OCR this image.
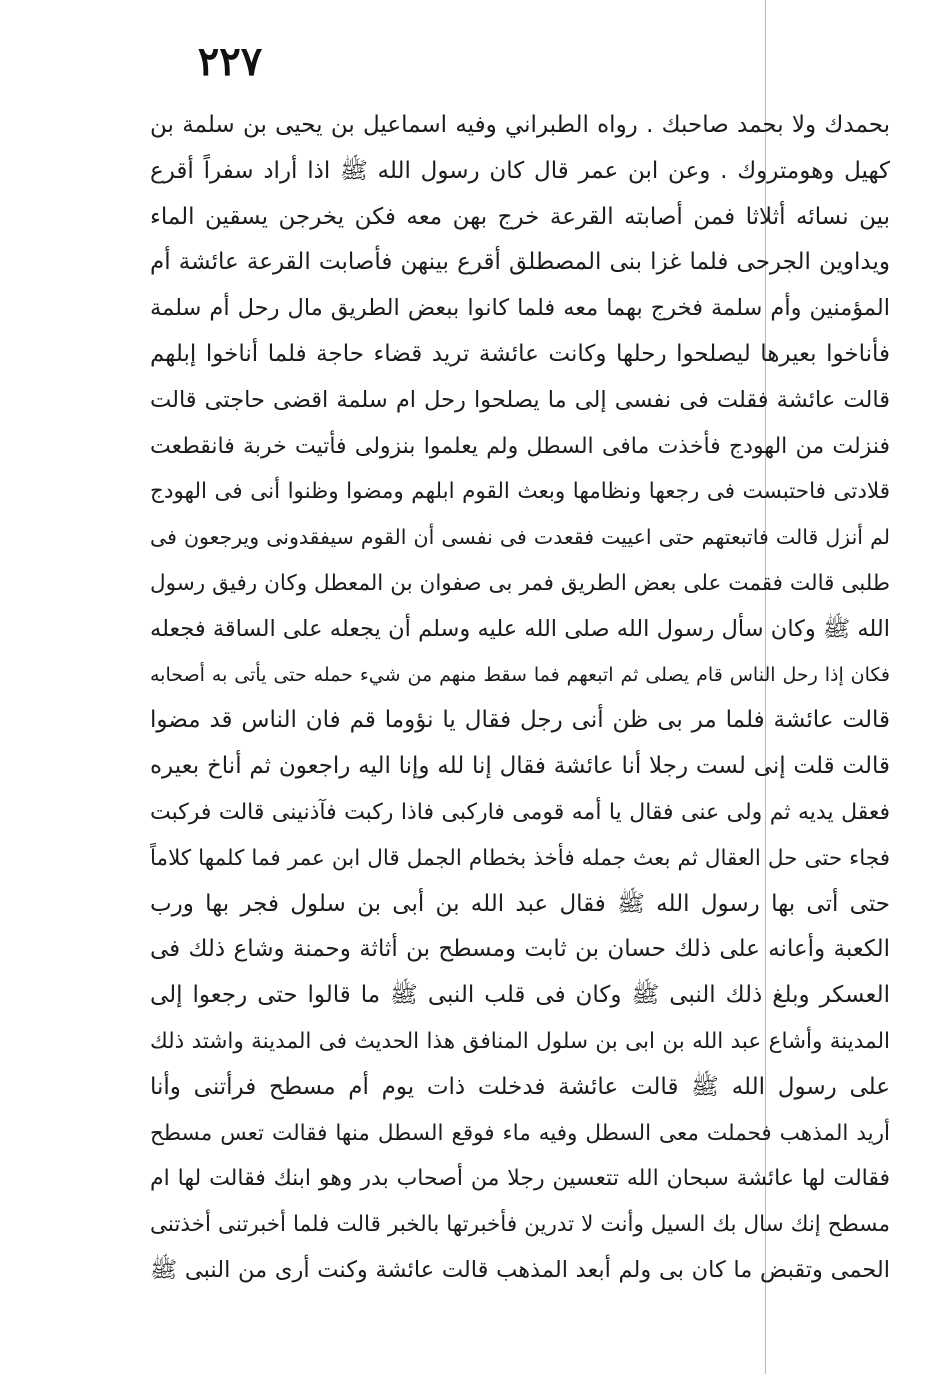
٢٢٧
بحمدك ولا بحمد صاحبك . رواه الطبراني وفيه اسماعيل بن يحيى بن سلمة بن
كهيل وهومتروك . وعن ابن عمر قال كان رسول الله ﷺ اذا أراد سفراً أقرع
بين نسائه أثلاثا فمن أصابته القرعة خرج بهن معه فكن يخرجن يسقين الماء
ويداوين الجرحى فلما غزا بنى المصطلق أقرع بينهن فأصابت القرعة عائشة أم
المؤمنين وأم سلمة فخرج بهما معه فلما كانوا ببعض الطريق مال رحل أم سلمة
فأناخوا بعيرها ليصلحوا رحلها وكانت عائشة تريد قضاء حاجة فلما أناخوا إبلهم
قالت عائشة فقلت فى نفسى إلى ما يصلحوا رحل ام سلمة اقضى حاجتى قالت
فنزلت من الهودج فأخذت مافى السطل ولم يعلموا بنزولى فأتيت خربة فانقطعت
قلادتى فاحتبست فى رجعها ونظامها وبعث القوم ابلهم ومضوا وظنوا أنى فى الهودج
لم أنزل قالت فاتبعتهم حتى اعييت فقعدت فى نفسى أن القوم سيفقدونى ويرجعون فى
طلبى قالت فقمت على بعض الطريق فمر بى صفوان بن المعطل وكان رفيق رسول
الله ﷺ وكان سأل رسول الله صلى الله عليه وسلم أن يجعله على الساقة فجعله
فكان إذا رحل الناس قام يصلى ثم اتبعهم فما سقط منهم من شيء حمله حتى يأتى به أصحابه
قالت عائشة فلما مر بى ظن أنى رجل فقال يا نؤوما قم فان الناس قد مضوا
قالت قلت إنى لست رجلا أنا عائشة فقال إنا لله وإنا اليه راجعون ثم أناخ بعيره
فعقل يديه ثم ولى عنى فقال يا أمه قومى فاركبى فاذا ركبت فآذنينى قالت فركبت
فجاء حتى حل العقال ثم بعث جمله فأخذ بخطام الجمل قال ابن عمر فما كلمها كلاماً
حتى أتى بها رسول الله ﷺ فقال عبد الله بن أبى بن سلول فجر بها ورب
الكعبة وأعانه على ذلك حسان بن ثابت ومسطح بن أثاثة وحمنة وشاع ذلك فى
العسكر وبلغ ذلك النبى ﷺ وكان فى قلب النبى ﷺ ما قالوا حتى رجعوا إلى
المدينة وأشاع عبد الله بن ابى بن سلول المنافق هذا الحديث فى المدينة واشتد ذلك
على رسول الله ﷺ قالت عائشة فدخلت ذات يوم أم مسطح فرأتنى وأنا
أريد المذهب فحملت معى السطل وفيه ماء فوقع السطل منها فقالت تعس مسطح
فقالت لها عائشة سبحان الله تتعسين رجلا من أصحاب بدر وهو ابنك فقالت لها ام
مسطح إنك سال بك السيل وأنت لا تدرين فأخبرتها بالخبر قالت فلما أخبرتنى أخذتنى
الحمى وتقبض ما كان بى ولم أبعد المذهب قالت عائشة وكنت أرى من النبى ﷺ
